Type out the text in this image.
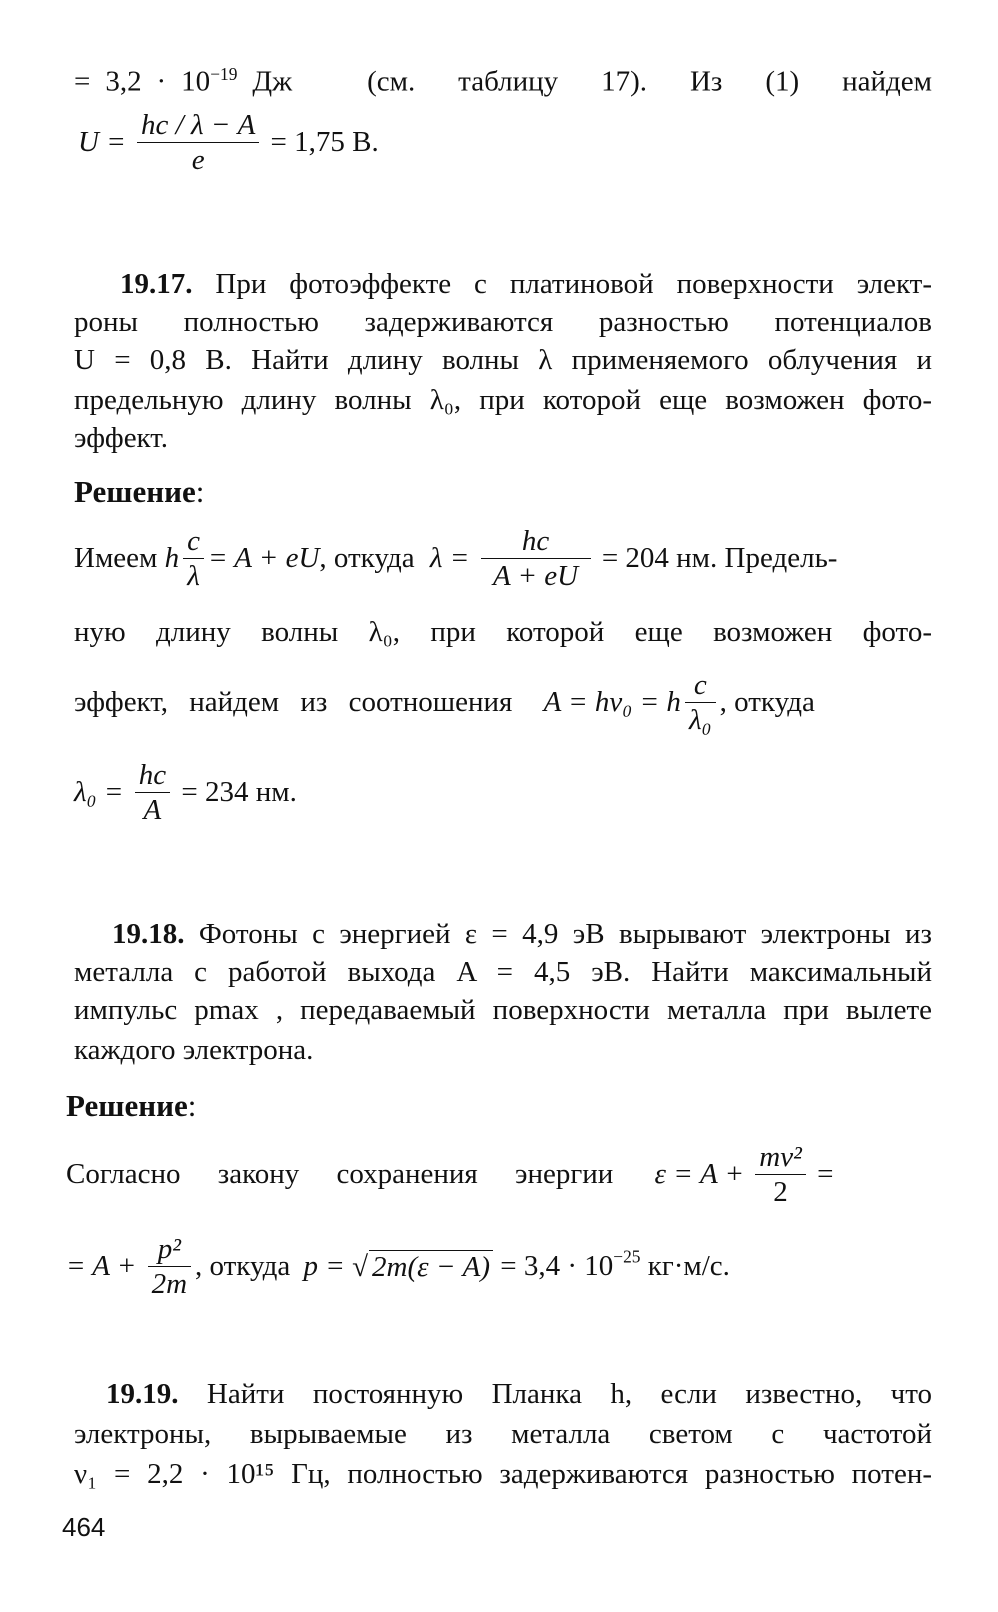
= $3,2 \cdot 10^{-19}$ Дж	(см. таблицу 17). Из (1) найдем
$U = \frac{hc / \lambda - A}{e} = 1,75$ В.
19.17. При фотоэффекте с платиновой поверхности элект-
роны полностью задерживаются разностью потенциалов
U = 0,8 В. Найти длину волны λ применяемого облучения и
предельную длину волны λ₀, при которой еще возможен фото-
эффект.
Решение:
Имеем h $\frac{c}{\lambda} = A$ + eU, откуда $\lambda = \frac{hc}{A + eU} = 204$ нм. Предель-
ную длину волны λ₀, при которой еще возможен фото-
эффект, найдем из соотношения A = hν₀ = h $\frac{c}{\text{λ₀}}$ , откуда
$\lambda_0 = \frac{hc}{A} = 234$ нм.
19.18. Фотоны с энергией ε = 4,9 эВ вырывают электроны из
металла с работой выхода A = 4,5 эВ. Найти максимальный
импульс pmax , передаваемый поверхности металла при вылете
каждого электрона.
Решение:
Согласно закону сохранения энергии $\varepsilon = A + \frac{\text{mv²}}{2}$ =
= $A + \frac{\text{p²}}{2m}$ , откуда p = √ $2m(\varepsilon - A) = 3,4 \cdot 10^{-25}$ кг·м/с.
19.19. Найти постоянную Планка h, если известно, что
электроны, вырываемые из металла светом с частотой
ν₁ = 2,2 · 10¹⁵ Гц, полностью задерживаются разностью потен-
464
